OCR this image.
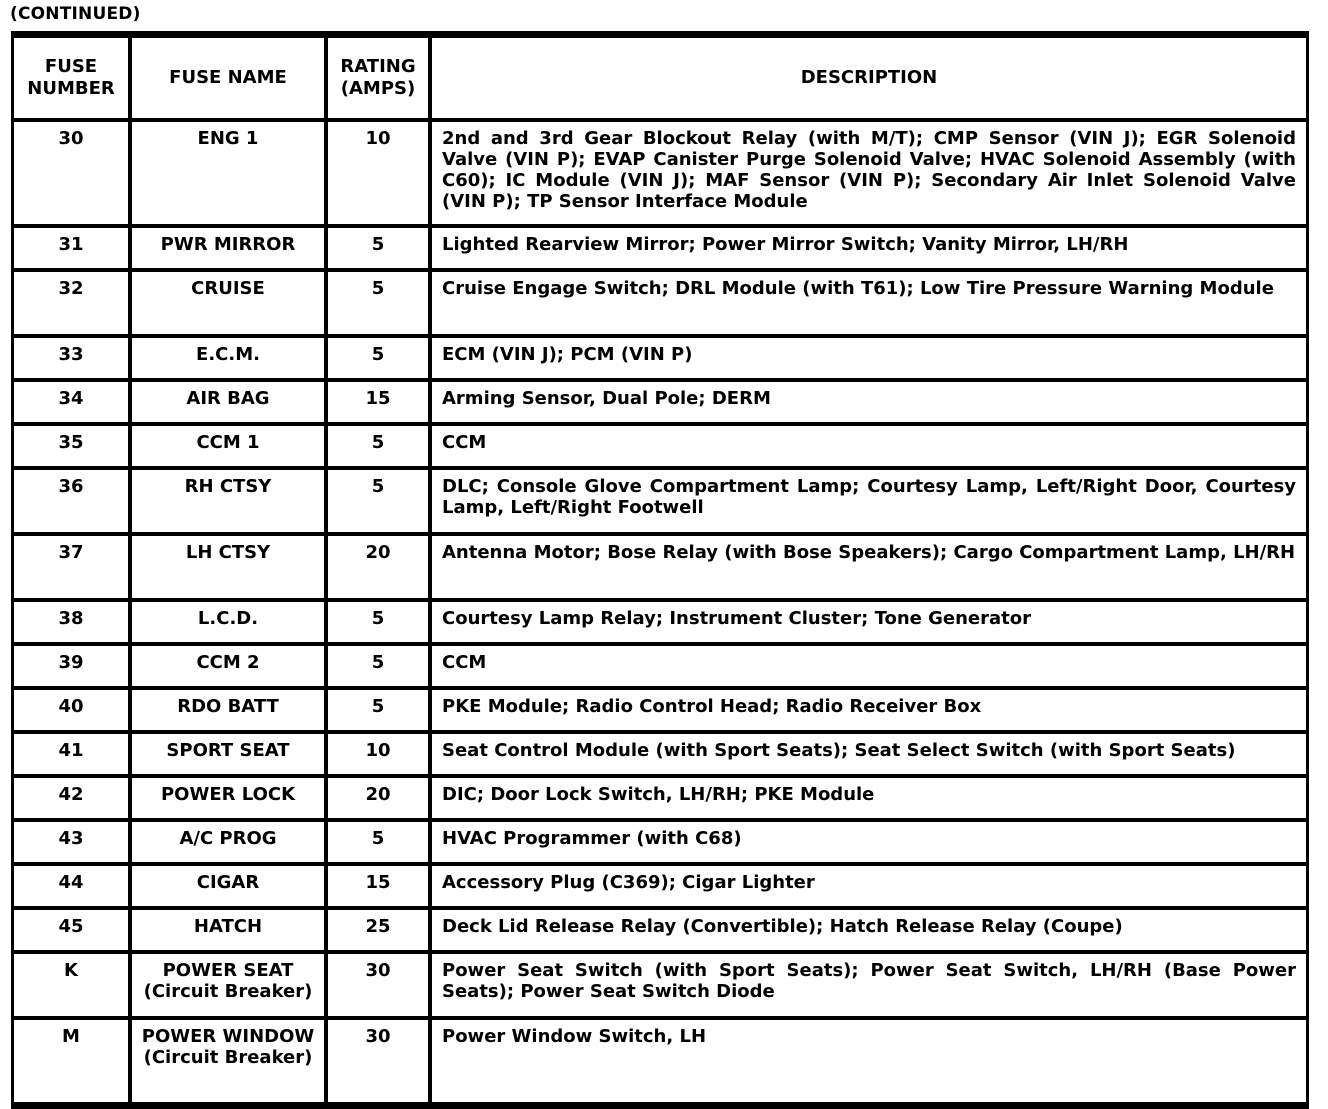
(CONTINUED)
FUSE NUMBER	FUSE NAME	RATING (AMPS)	DESCRIPTION
30	ENG 1	10	2nd and 3rd Gear Blockout Relay (with M/T); CMP Sensor (VIN J); EGR Solenoid Valve (VIN P); EVAP Canister Purge Solenoid Valve; HVAC Solenoid Assembly (with C60); IC Module (VIN J); MAF Sensor (VIN P); Secondary Air Inlet Solenoid Valve (VIN P); TP Sensor Interface Module
31	PWR MIRROR	5	Lighted Rearview Mirror; Power Mirror Switch; Vanity Mirror, LH/RH
32	CRUISE	5	Cruise Engage Switch; DRL Module (with T61); Low Tire Pressure Warning Module
33	E.C.M.	5	ECM (VIN J); PCM (VIN P)
34	AIR BAG	15	Arming Sensor, Dual Pole; DERM
35	CCM 1	5	CCM
36	RH CTSY	5	DLC; Console Glove Compartment Lamp; Courtesy Lamp, Left/Right Door, Courtesy Lamp, Left/Right Footwell
37	LH CTSY	20	Antenna Motor; Bose Relay (with Bose Speakers); Cargo Compartment Lamp, LH/RH
38	L.C.D.	5	Courtesy Lamp Relay; Instrument Cluster; Tone Generator
39	CCM 2	5	CCM
40	RDO BATT	5	PKE Module; Radio Control Head; Radio Receiver Box
41	SPORT SEAT	10	Seat Control Module (with Sport Seats); Seat Select Switch (with Sport Seats)
42	POWER LOCK	20	DIC; Door Lock Switch, LH/RH; PKE Module
43	A/C PROG	5	HVAC Programmer (with C68)
44	CIGAR	15	Accessory Plug (C369); Cigar Lighter
45	HATCH	25	Deck Lid Release Relay (Convertible); Hatch Release Relay (Coupe)
K	POWER SEAT (Circuit Breaker)	30	Power Seat Switch (with Sport Seats); Power Seat Switch, LH/RH (Base Power Seats); Power Seat Switch Diode
M	POWER WINDOW (Circuit Breaker)	30	Power Window Switch, LH
